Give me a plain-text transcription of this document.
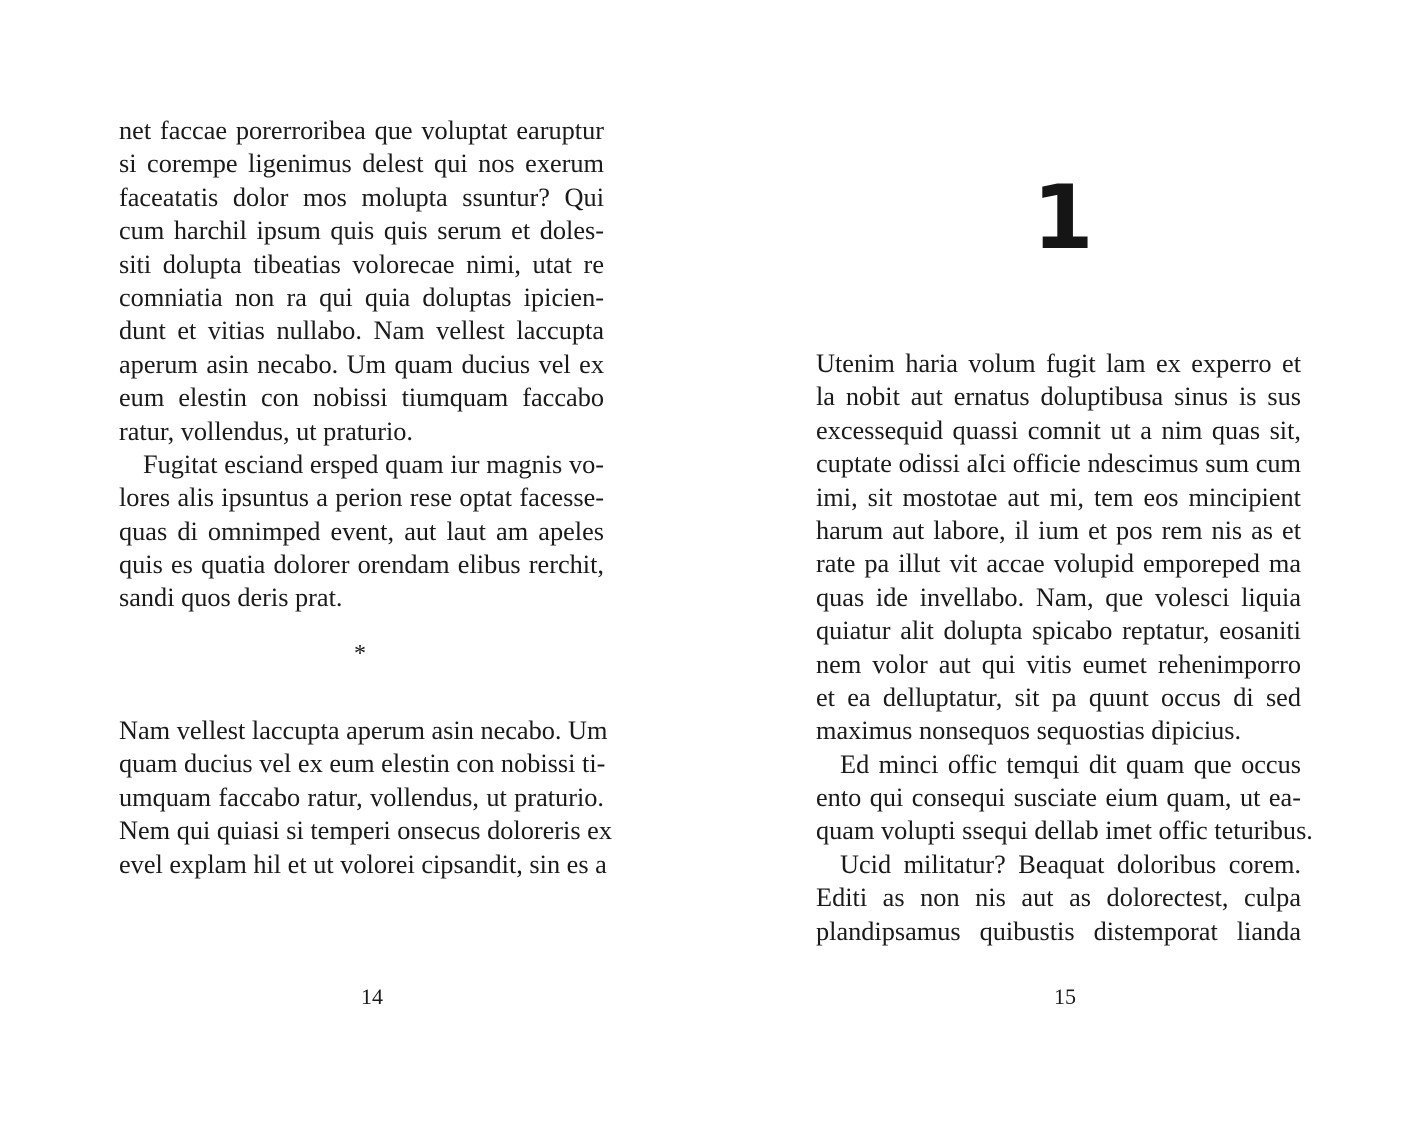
net faccae porerroribea que voluptat earuptur
si corempe ligenimus delest qui nos exerum
faceatatis dolor mos molupta ssuntur? Qui
cum harchil ipsum quis quis serum et doles-
siti dolupta tibeatias volorecae nimi, utat re
comniatia non ra qui quia doluptas ipicien-
dunt et vitias nullabo. Nam vellest laccupta
aperum asin necabo. Um quam ducius vel ex
eum elestin con nobissi tiumquam faccabo
ratur, vollendus, ut praturio.
Fugitat esciand ersped quam iur magnis vo-
lores alis ipsuntus a perion rese optat facesse-
quas di omnimped event, aut laut am apeles
quis es quatia dolorer orendam elibus rerchit,
sandi quos deris prat.
*
Nam vellest laccupta aperum asin necabo. Um
quam ducius vel ex eum elestin con nobissi ti-
umquam faccabo ratur, vollendus, ut praturio.
Nem qui quiasi si temperi onsecus doloreris ex
evel explam hil et ut volorei cipsandit, sin es a
14
1
Utenim haria volum fugit lam ex experro et
la nobit aut ernatus doluptibusa sinus is sus
excessequid quassi comnit ut a nim quas sit,
cuptate odissi aIci officie ndescimus sum cum
imi, sit mostotae aut mi, tem eos mincipient
harum aut labore, il ium et pos rem nis as et
rate pa illut vit accae volupid emporeped ma
quas ide invellabo. Nam, que volesci liquia
quiatur alit dolupta spicabo reptatur, eosaniti
nem volor aut qui vitis eumet rehenimporro
et ea delluptatur, sit pa quunt occus di sed
maximus nonsequos sequostias dipicius.
Ed minci offic temqui dit quam que occus
ento qui consequi susciate eium quam, ut ea-
quam volupti ssequi dellab imet offic teturibus.
Ucid militatur? Beaquat doloribus corem.
Editi as non nis aut as dolorectest, culpa
plandipsamus quibustis distemporat lianda
15
